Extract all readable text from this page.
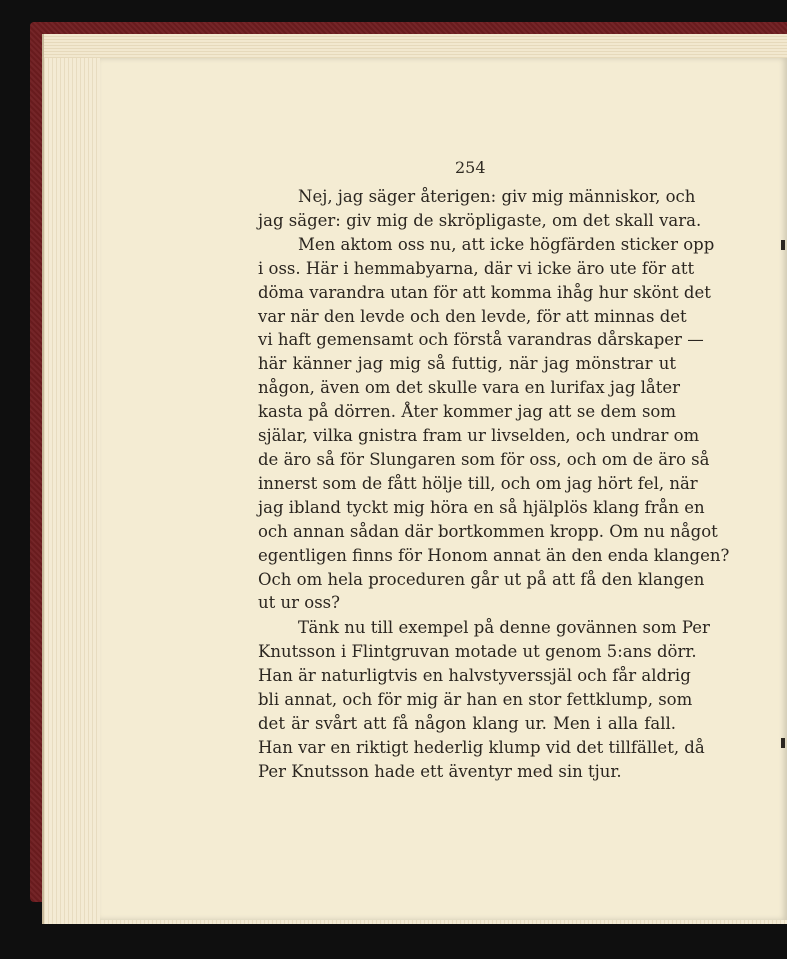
254
Nej, jag säger återigen: giv mig människor, och
jag säger: giv mig de skröpligaste, om det skall vara.
Men aktom oss nu, att icke högfärden sticker opp
i oss. Här i hemmabyarna, där vi icke äro ute för att
döma varandra utan för att komma ihåg hur skönt det
var när den levde och den levde, för att minnas det
vi haft gemensamt och förstå varandras dårskaper —
här känner jag mig så futtig, när jag mönstrar ut
någon, även om det skulle vara en lurifax jag låter
kasta på dörren. Åter kommer jag att se dem som
själar, vilka gnistra fram ur livselden, och undrar om
de äro så för Slungaren som för oss, och om de äro så
innerst som de fått hölje till, och om jag hört fel, när
jag ibland tyckt mig höra en så hjälplös klang från en
och annan sådan där bortkommen kropp. Om nu något
egentligen finns för Honom annat än den enda klangen?
Och om hela proceduren går ut på att få den klangen
ut ur oss?
Tänk nu till exempel på denne govännen som Per
Knutsson i Flintgruvan motade ut genom 5:ans dörr.
Han är naturligtvis en halvstyverssjäl och får aldrig
bli annat, och för mig är han en stor fettklump, som
det är svårt att få någon klang ur. Men i alla fall.
Han var en riktigt hederlig klump vid det tillfället, då
Per Knutsson hade ett äventyr med sin tjur.
